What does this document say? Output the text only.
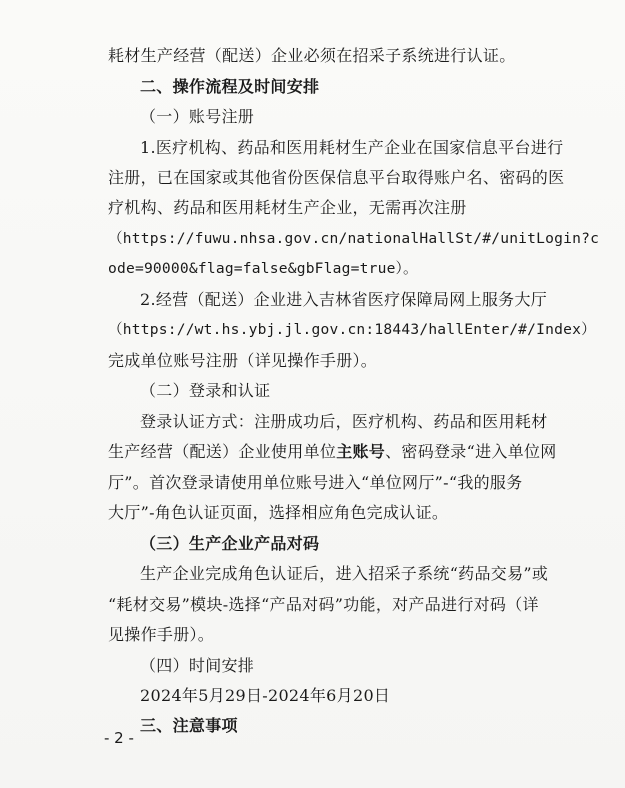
耗材生产经营（配送）企业必须在招采子系统进行认证。
二、操作流程及时间安排
（一）账号注册
1.医疗机构、药品和医用耗材生产企业在国家信息平台进行
注册，已在国家或其他省份医保信息平台取得账户名、密码的医
疗机构、药品和医用耗材生产企业，无需再次注册
（https://fuwu.nhsa.gov.cn/nationalHallSt/#/unitLogin?c
ode=90000&flag=false&gbFlag=true）。
2.经营（配送）企业进入吉林省医疗保障局网上服务大厅
（https://wt.hs.ybj.jl.gov.cn:18443/hallEnter/#/Index）
完成单位账号注册（详见操作手册）。
（二）登录和认证
登录认证方式：注册成功后，医疗机构、药品和医用耗材
生产经营（配送）企业使用单位主账号、密码登录“进入单位网
厅”。首次登录请使用单位账号进入“单位网厅”-“我的服务
大厅”-角色认证页面，选择相应角色完成认证。
（三）生产企业产品对码
生产企业完成角色认证后，进入招采子系统“药品交易”或
“耗材交易”模块-选择“产品对码”功能，对产品进行对码（详
见操作手册）。
（四）时间安排
2024年5月29日-2024年6月20日
三、注意事项
- 2 -
